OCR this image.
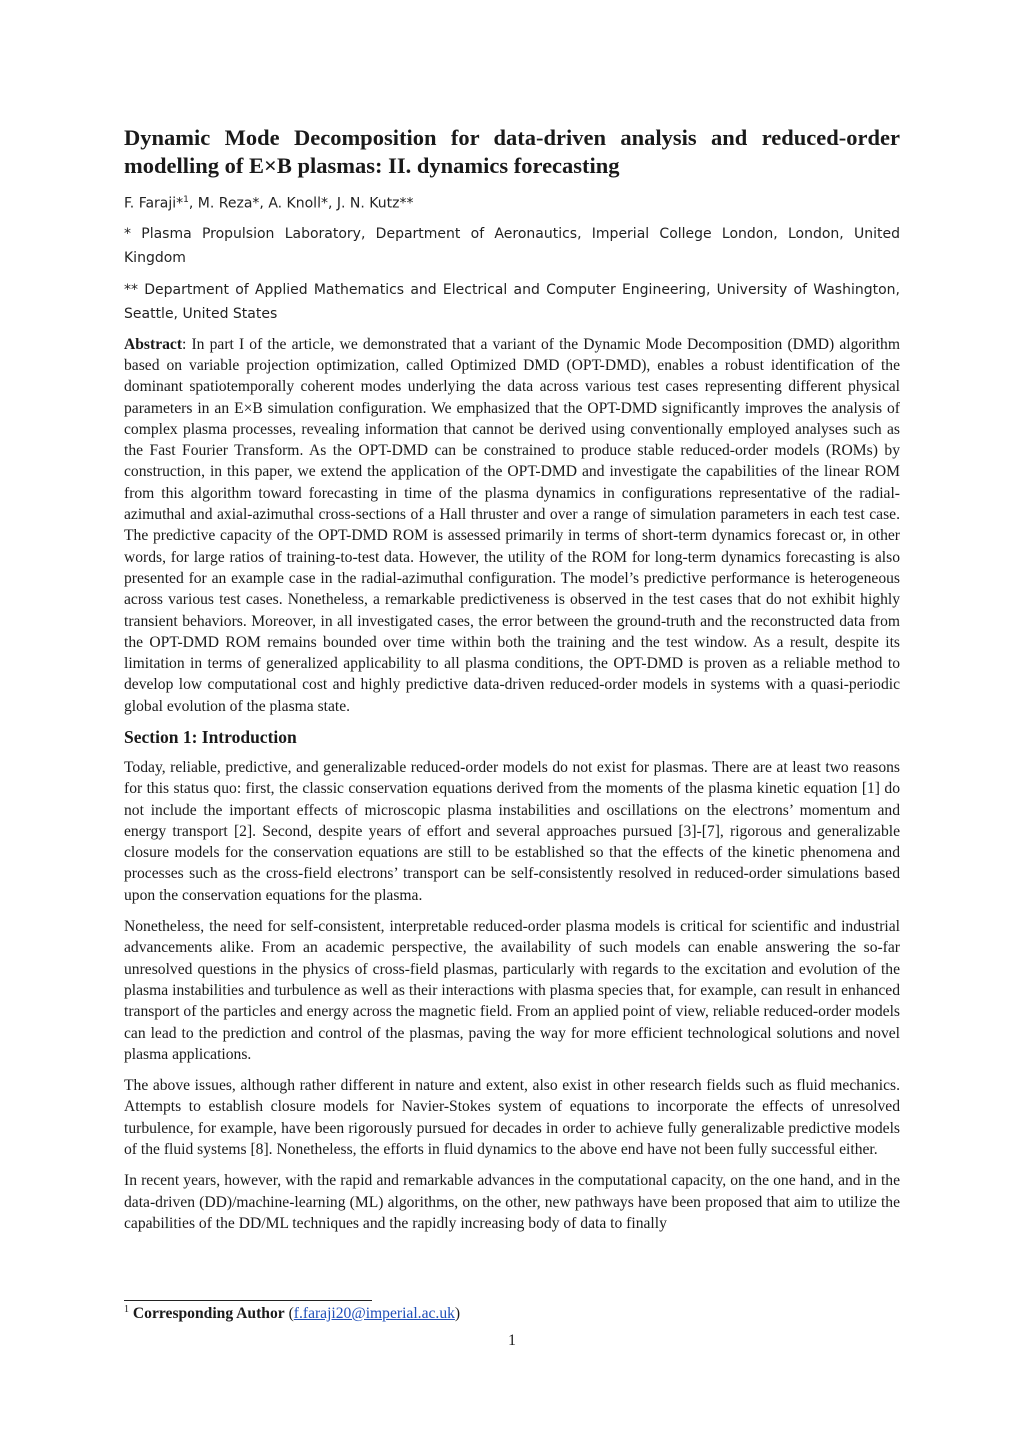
Dynamic Mode Decomposition for data-driven analysis and reduced-order
modelling of E×B plasmas: II. dynamics forecasting

F. Faraji*$^1$, M. Reza*, A. Knoll*, J. N. Kutz**

* Plasma Propulsion Laboratory, Department of Aeronautics, Imperial College London, London, United Kingdom

** Department of Applied Mathematics and Electrical and Computer Engineering, University of Washington, Seattle, United States

Abstract: In part I of the article, we demonstrated that a variant of the Dynamic Mode Decomposition (DMD) algorithm based on variable projection optimization, called Optimized DMD (OPT-DMD), enables a robust identification of the dominant spatiotemporally coherent modes underlying the data across various test cases representing different physical parameters in an E×B simulation configuration. We emphasized that the OPT-DMD significantly improves the analysis of complex plasma processes, revealing information that cannot be derived using conventionally employed analyses such as the Fast Fourier Transform. As the OPT-DMD can be constrained to produce stable reduced-order models (ROMs) by construction, in this paper, we extend the application of the OPT-DMD and investigate the capabilities of the linear ROM from this algorithm toward forecasting in time of the plasma dynamics in configurations representative of the radial-azimuthal and axial-azimuthal cross-sections of a Hall thruster and over a range of simulation parameters in each test case. The predictive capacity of the OPT-DMD ROM is assessed primarily in terms of short-term dynamics forecast or, in other words, for large ratios of training-to-test data. However, the utility of the ROM for long-term dynamics forecasting is also presented for an example case in the radial-azimuthal configuration. The model’s predictive performance is heterogeneous across various test cases. Nonetheless, a remarkable predictiveness is observed in the test cases that do not exhibit highly transient behaviors. Moreover, in all investigated cases, the error between the ground-truth and the reconstructed data from the OPT-DMD ROM remains bounded over time within both the training and the test window. As a result, despite its limitation in terms of generalized applicability to all plasma conditions, the OPT-DMD is proven as a reliable method to develop low computational cost and highly predictive data-driven reduced-order models in systems with a quasi-periodic global evolution of the plasma state.

Section 1: Introduction

Today, reliable, predictive, and generalizable reduced-order models do not exist for plasmas. There are at least two reasons for this status quo: first, the classic conservation equations derived from the moments of the plasma kinetic equation [1] do not include the important effects of microscopic plasma instabilities and oscillations on the electrons’ momentum and energy transport [2]. Second, despite years of effort and several approaches pursued [3]-[7], rigorous and generalizable closure models for the conservation equations are still to be established so that the effects of the kinetic phenomena and processes such as the cross-field electrons’ transport can be self-consistently resolved in reduced-order simulations based upon the conservation equations for the plasma.

Nonetheless, the need for self-consistent, interpretable reduced-order plasma models is critical for scientific and industrial advancements alike. From an academic perspective, the availability of such models can enable answering the so-far unresolved questions in the physics of cross-field plasmas, particularly with regards to the excitation and evolution of the plasma instabilities and turbulence as well as their interactions with plasma species that, for example, can result in enhanced transport of the particles and energy across the magnetic field. From an applied point of view, reliable reduced-order models can lead to the prediction and control of the plasmas, paving the way for more efficient technological solutions and novel plasma applications.

The above issues, although rather different in nature and extent, also exist in other research fields such as fluid mechanics. Attempts to establish closure models for Navier-Stokes system of equations to incorporate the effects of unresolved turbulence, for example, have been rigorously pursued for decades in order to achieve fully generalizable predictive models of the fluid systems [8]. Nonetheless, the efforts in fluid dynamics to the above end have not been fully successful either.

In recent years, however, with the rapid and remarkable advances in the computational capacity, on the one hand, and in the data-driven (DD)/machine-learning (ML) algorithms, on the other, new pathways have been proposed that aim to utilize the capabilities of the DD/ML techniques and the rapidly increasing body of data to finally

$^1$ Corresponding Author (f.faraji20@imperial.ac.uk)
1
